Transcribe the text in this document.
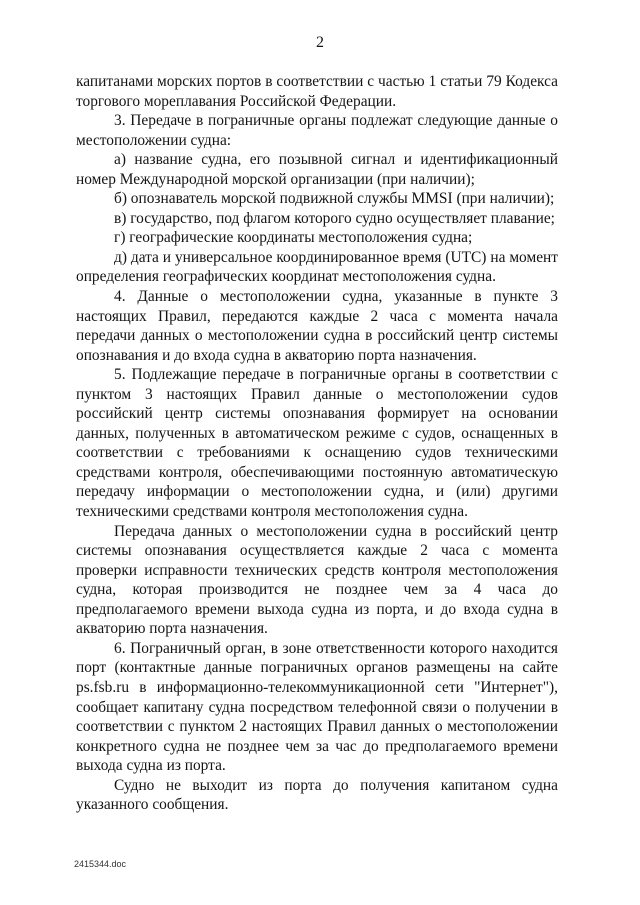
2

капитанами морских портов в соответствии с частью 1 статьи 79 Кодекса торгового мореплавания Российской Федерации.

3. Передаче в пограничные органы подлежат следующие данные о местоположении судна:

а) название судна, его позывной сигнал и идентификационный номер Международной морской организации (при наличии);

б) опознаватель морской подвижной службы MMSI (при наличии);

в) государство, под флагом которого судно осуществляет плавание;

г) географические координаты местоположения судна;

д) дата и универсальное координированное время (UTC) на момент определения географических координат местоположения судна.

4. Данные о местоположении судна, указанные в пункте 3 настоящих Правил, передаются каждые 2 часа с момента начала передачи данных о местоположении судна в российский центр системы опознавания и до входа судна в акваторию порта назначения.

5. Подлежащие передаче в пограничные органы в соответствии с пунктом 3 настоящих Правил данные о местоположении судов российский центр системы опознавания формирует на основании данных, полученных в автоматическом режиме с судов, оснащенных в соответствии с требованиями к оснащению судов техническими средствами контроля, обеспечивающими постоянную автоматическую передачу информации о местоположении судна, и (или) другими техническими средствами контроля местоположения судна.

Передача данных о местоположении судна в российский центр системы опознавания осуществляется каждые 2 часа с момента проверки исправности технических средств контроля местоположения судна, которая производится не позднее чем за 4 часа до предполагаемого времени выхода судна из порта, и до входа судна в акваторию порта назначения.

6. Пограничный орган, в зоне ответственности которого находится порт (контактные данные пограничных органов размещены на сайте ps.fsb.ru в информационно-телекоммуникационной сети "Интернет"), сообщает капитану судна посредством телефонной связи о получении в соответствии с пунктом 2 настоящих Правил данных о местоположении конкретного судна не позднее чем за час до предполагаемого времени выхода судна из порта.

Судно не выходит из порта до получения капитаном судна указанного сообщения.

2415344.doc
